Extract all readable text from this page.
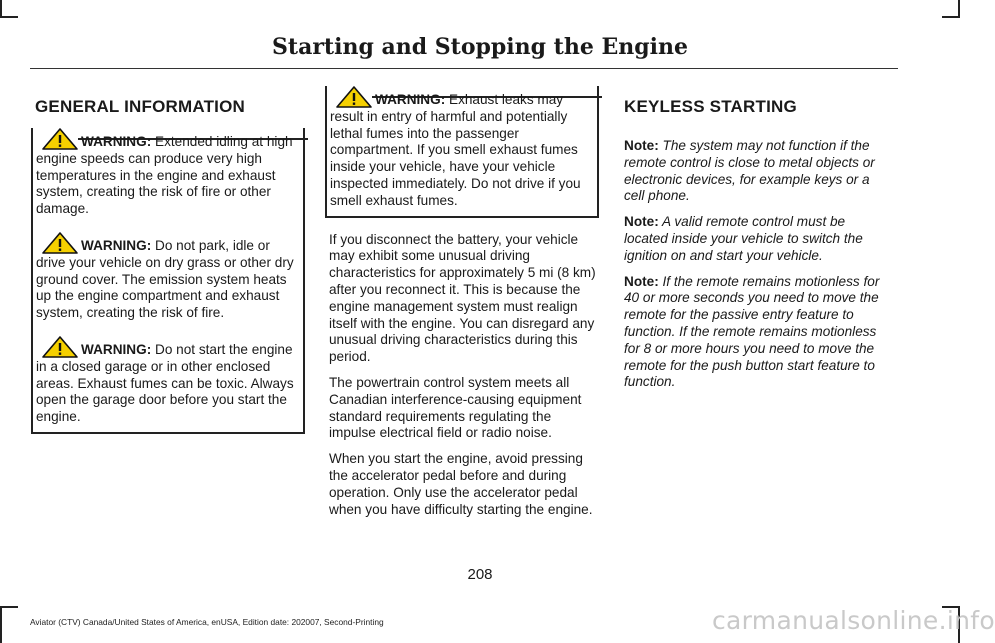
Starting and Stopping the Engine
GENERAL INFORMATION
WARNING: Extended idling at high engine speeds can produce very high temperatures in the engine and exhaust system, creating the risk of fire or other damage.
WARNING: Do not park, idle or drive your vehicle on dry grass or other dry ground cover. The emission system heats up the engine compartment and exhaust system, creating the risk of fire.
WARNING: Do not start the engine in a closed garage or in other enclosed areas. Exhaust fumes can be toxic. Always open the garage door before you start the engine.
WARNING: Exhaust leaks may result in entry of harmful and potentially lethal fumes into the passenger compartment. If you smell exhaust fumes inside your vehicle, have your vehicle inspected immediately. Do not drive if you smell exhaust fumes.

If you disconnect the battery, your vehicle may exhibit some unusual driving characteristics for approximately 5 mi (8 km) after you reconnect it. This is because the engine management system must realign itself with the engine. You can disregard any unusual driving characteristics during this period.

The powertrain control system meets all Canadian interference-causing equipment standard requirements regulating the impulse electrical field or radio noise.

When you start the engine, avoid pressing the accelerator pedal before and during operation. Only use the accelerator pedal when you have difficulty starting the engine.

KEYLESS STARTING

Note: The system may not function if the remote control is close to metal objects or electronic devices, for example keys or a cell phone.

Note: A valid remote control must be located inside your vehicle to switch the ignition on and start your vehicle.

Note: If the remote remains motionless for 40 or more seconds you need to move the remote for the passive entry feature to function. If the remote remains motionless for 8 or more hours you need to move the remote for the push button start feature to function.

208
Aviator (CTV) Canada/United States of America, enUSA, Edition date: 202007, Second-Printing	carmanualsonline.info
